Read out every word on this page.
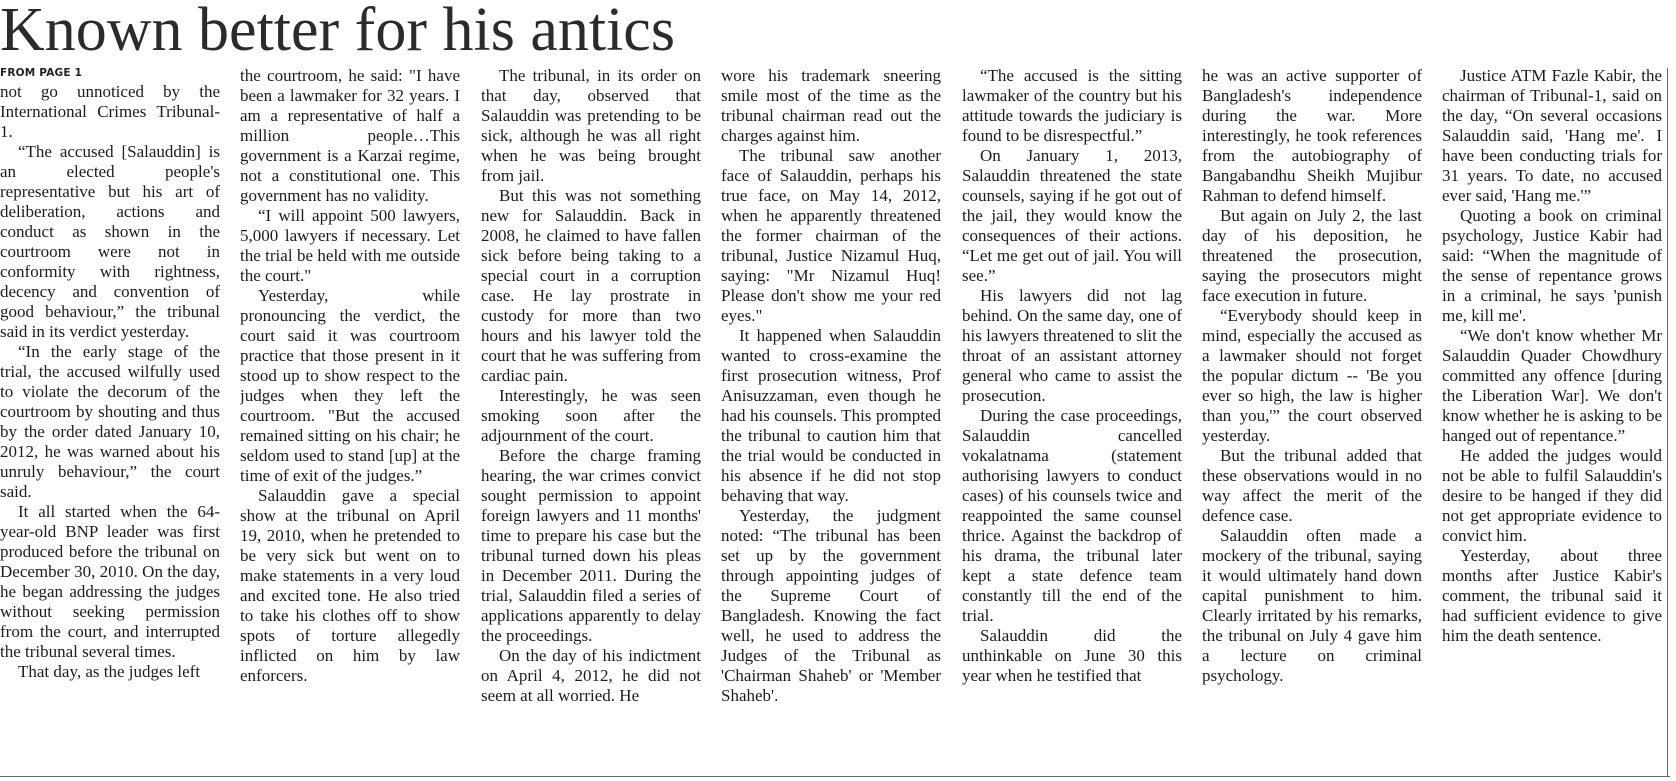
Known better for his antics
FROM PAGE 1

not go unnoticed by the International Crimes Tribunal-1.

“The accused [Salauddin] is an elected people's representative but his art of deliberation, actions and conduct as shown in the courtroom were not in conformity with rightness, decency and convention of good behaviour,” the tribunal said in its verdict yesterday.

“In the early stage of the trial, the accused wilfully used to violate the decorum of the courtroom by shouting and thus by the order dated January 10, 2012, he was warned about his unruly behaviour,” the court said.

It all started when the 64-year-old BNP leader was first produced before the tribunal on December 30, 2010. On the day, he began addressing the judges without seeking permission from the court, and interrupted the tribunal several times.

That day, as the judges left

the courtroom, he said: "I have been a lawmaker for 32 years. I am a representative of half a million people…This government is a Karzai regime, not a constitutional one. This government has no validity.

“I will appoint 500 lawyers, 5,000 lawyers if necessary. Let the trial be held with me outside the court."

Yesterday, while pronouncing the verdict, the court said it was courtroom practice that those present in it stood up to show respect to the judges when they left the courtroom. "But the accused remained sitting on his chair; he seldom used to stand [up] at the time of exit of the judges.”

Salauddin gave a special show at the tribunal on April 19, 2010, when he pretended to be very sick but went on to make statements in a very loud and excited tone. He also tried to take his clothes off to show spots of torture allegedly inflicted on him by law enforcers.

The tribunal, in its order on that day, observed that Salauddin was pretending to be sick, although he was all right when he was being brought from jail.

But this was not something new for Salauddin. Back in 2008, he claimed to have fallen sick before being taking to a special court in a corruption case. He lay prostrate in custody for more than two hours and his lawyer told the court that he was suffering from cardiac pain.

Interestingly, he was seen smoking soon after the adjournment of the court.

Before the charge framing hearing, the war crimes convict sought permission to appoint foreign lawyers and 11 months' time to prepare his case but the tribunal turned down his pleas in December 2011. During the trial, Salauddin filed a series of applications apparently to delay the proceedings.

On the day of his indictment on April 4, 2012, he did not seem at all worried. He

wore his trademark sneering smile most of the time as the tribunal chairman read out the charges against him.

The tribunal saw another face of Salauddin, perhaps his true face, on May 14, 2012, when he apparently threatened the former chairman of the tribunal, Justice Nizamul Huq, saying: "Mr Nizamul Huq! Please don't show me your red eyes."

It happened when Salauddin wanted to cross-examine the first prosecution witness, Prof Anisuzzaman, even though he had his counsels. This prompted the tribunal to caution him that the trial would be conducted in his absence if he did not stop behaving that way.

Yesterday, the judgment noted: “The tribunal has been set up by the government through appointing judges of the Supreme Court of Bangladesh. Knowing the fact well, he used to address the Judges of the Tribunal as 'Chairman Shaheb' or 'Member Shaheb'.

“The accused is the sitting lawmaker of the country but his attitude towards the judiciary is found to be disrespectful.”

On January 1, 2013, Salauddin threatened the state counsels, saying if he got out of the jail, they would know the consequences of their actions. “Let me get out of jail. You will see.”

His lawyers did not lag behind. On the same day, one of his lawyers threatened to slit the throat of an assistant attorney general who came to assist the prosecution.

During the case proceedings, Salauddin cancelled vokalatnama (statement authorising lawyers to conduct cases) of his counsels twice and reappointed the same counsel thrice. Against the backdrop of his drama, the tribunal later kept a state defence team constantly till the end of the trial.

Salauddin did the unthinkable on June 30 this year when he testified that

he was an active supporter of Bangladesh's independence during the war. More interestingly, he took references from the autobiography of Bangabandhu Sheikh Mujibur Rahman to defend himself.

But again on July 2, the last day of his deposition, he threatened the prosecution, saying the prosecutors might face execution in future.

“Everybody should keep in mind, especially the accused as a lawmaker should not forget the popular dictum -- 'Be you ever so high, the law is higher than you,'” the court observed yesterday.

But the tribunal added that these observations would in no way affect the merit of the defence case.

Salauddin often made a mockery of the tribunal, saying it would ultimately hand down capital punishment to him. Clearly irritated by his remarks, the tribunal on July 4 gave him a lecture on criminal psychology.

Justice ATM Fazle Kabir, the chairman of Tribunal-1, said on the day, “On several occasions Salauddin said, 'Hang me'. I have been conducting trials for 31 years. To date, no accused ever said, 'Hang me.'”

Quoting a book on criminal psychology, Justice Kabir had said: “When the magnitude of the sense of repentance grows in a criminal, he says 'punish me, kill me'.

“We don't know whether Mr Salauddin Quader Chowdhury committed any offence [during the Liberation War]. We don't know whether he is asking to be hanged out of repentance.”

He added the judges would not be able to fulfil Salauddin's desire to be hanged if they did not get appropriate evidence to convict him.

Yesterday, about three months after Justice Kabir's comment, the tribunal said it had sufficient evidence to give him the death sentence.
